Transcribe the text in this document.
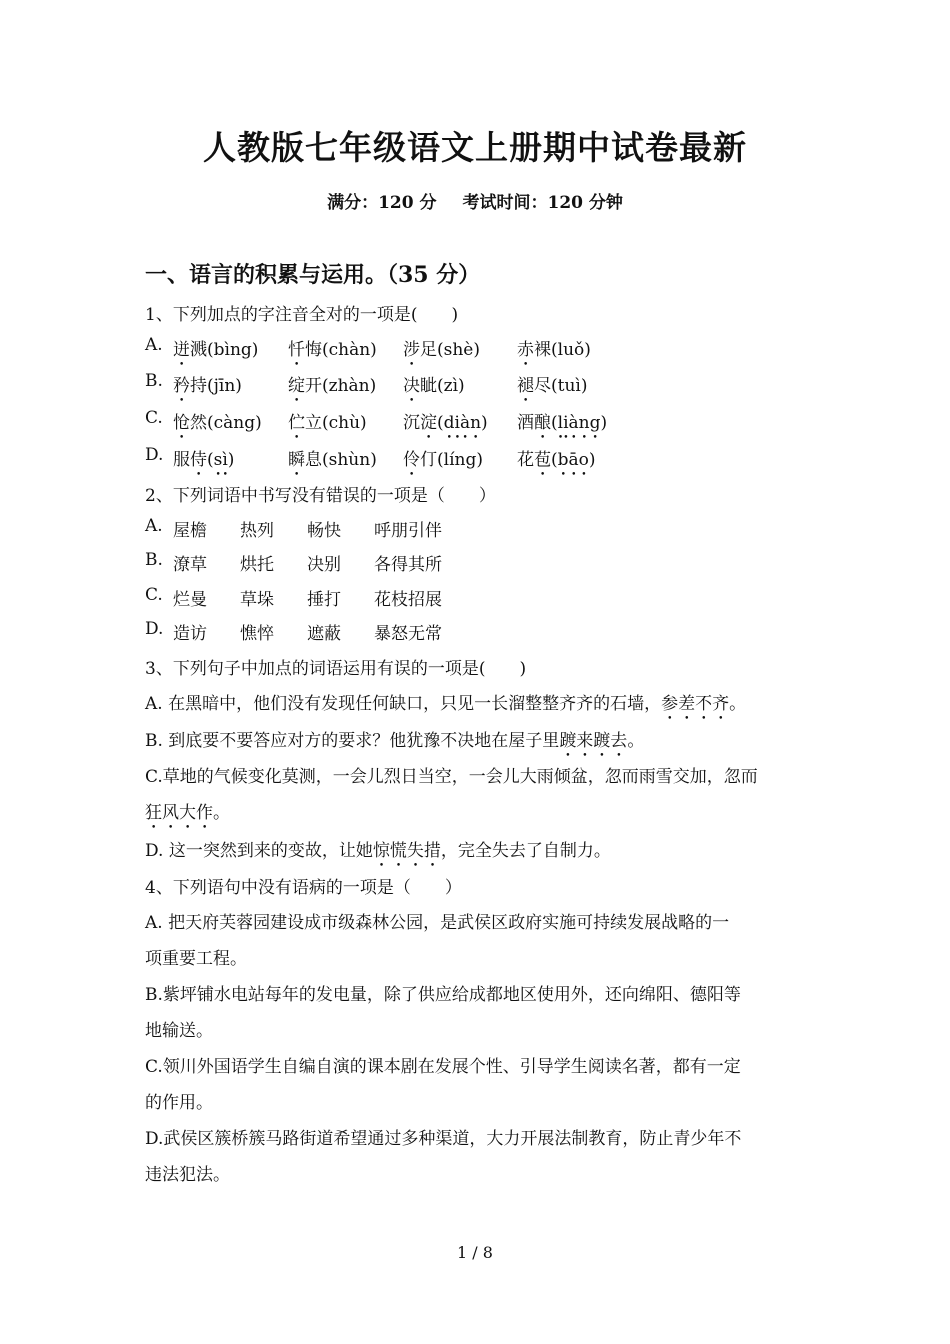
人教版七年级语文上册期中试卷最新
满分：120 分 考试时间：120 分钟
一、语言的积累与运用。（35 分）
1、下列加点的字注音全对的一项是(　　)
A. 迸溅(bìng) 忏悔(chàn) 涉足(shè) 赤裸(luǒ)
B. 矜持(jīn)	绽开(zhàn) 决眦(zì)	褪尽(tuì)
C. 怆然(càng) 伫立(chù) 沉淀(diàn) 酒酿(liàng)
D. 服侍(sì)	瞬息(shùn) 伶仃(líng) 花苞(bāo)
2、下列词语中书写没有错误的一项是（　　）
A. 屋檐 热列 畅快 呼朋引伴
B. 潦草 烘托 决别 各得其所
C. 烂曼 草垛 捶打 花枝招展
D. 造访 憔悴 遮蔽 暴怒无常
3、下列句子中加点的词语运用有误的一项是(　　)
A. 在黑暗中，他们没有发现任何缺口，只见一长溜整整齐齐的石墙，参差不齐。
B. 到底要不要答应对方的要求？他犹豫不决地在屋子里踱来踱去。
C.草地的气候变化莫测，一会儿烈日当空，一会儿大雨倾盆，忽而雨雪交加，忽而
狂风大作。
D. 这一突然到来的变故，让她惊慌失措，完全失去了自制力。
4、下列语句中没有语病的一项是（　　）
A. 把天府芙蓉园建设成市级森林公园，是武侯区政府实施可持续发展战略的一
项重要工程。
B.紫坪铺水电站每年的发电量，除了供应给成都地区使用外，还向绵阳、德阳等
地输送。
C.领川外国语学生自编自演的课本剧在发展个性、引导学生阅读名著，都有一定
的作用。
D.武侯区簇桥簇马路街道希望通过多种渠道，大力开展法制教育，防止青少年不
违法犯法。
1 / 8
